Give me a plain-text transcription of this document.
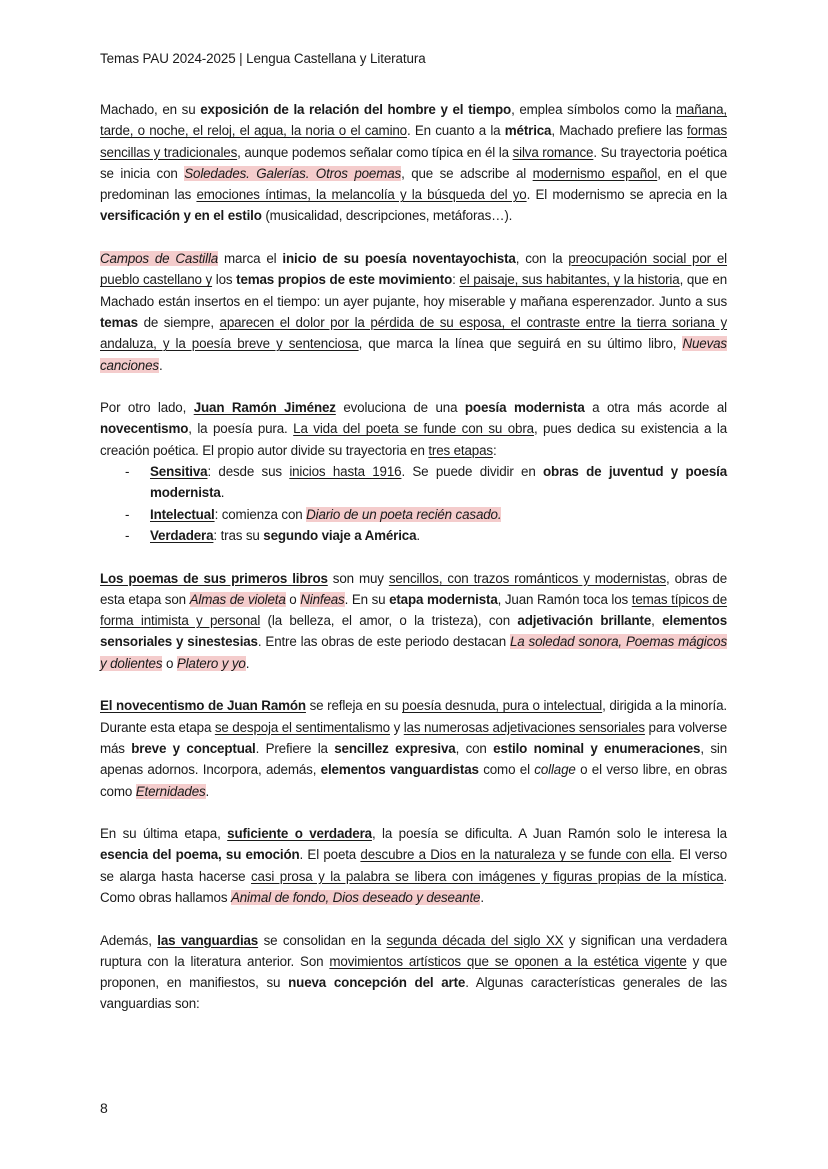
Temas PAU 2024-2025 | Lengua Castellana y Literatura

Machado, en su exposición de la relación del hombre y el tiempo, emplea símbolos como la mañana, tarde, o noche, el reloj, el agua, la noria o el camino. En cuanto a la métrica, Machado prefiere las formas sencillas y tradicionales, aunque podemos señalar como típica en él la silva romance. Su trayectoria poética se inicia con Soledades. Galerías. Otros poemas, que se adscribe al modernismo español, en el que predominan las emociones íntimas, la melancolía y la búsqueda del yo. El modernismo se aprecia en la versificación y en el estilo (musicalidad, descripciones, metáforas…).

Campos de Castilla marca el inicio de su poesía noventayochista, con la preocupación social por el pueblo castellano y los temas propios de este movimiento: el paisaje, sus habitantes, y la historia, que en Machado están insertos en el tiempo: un ayer pujante, hoy miserable y mañana esperenzador. Junto a sus temas de siempre, aparecen el dolor por la pérdida de su esposa, el contraste entre la tierra soriana y andaluza, y la poesía breve y sentenciosa, que marca la línea que seguirá en su último libro, Nuevas canciones.

Por otro lado, Juan Ramón Jiménez evoluciona de una poesía modernista a otra más acorde al novecentismo, la poesía pura. La vida del poeta se funde con su obra, pues dedica su existencia a la creación poética. El propio autor divide su trayectoria en tres etapas:

- Sensitiva: desde sus inicios hasta 1916. Se puede dividir en obras de juventud y poesía modernista.
- Intelectual: comienza con Diario de un poeta recién casado.
- Verdadera: tras su segundo viaje a América.

Los poemas de sus primeros libros son muy sencillos, con trazos románticos y modernistas, obras de esta etapa son Almas de violeta o Ninfeas. En su etapa modernista, Juan Ramón toca los temas típicos de forma intimista y personal (la belleza, el amor, o la tristeza), con adjetivación brillante, elementos sensoriales y sinestesias. Entre las obras de este periodo destacan La soledad sonora, Poemas mágicos y dolientes o Platero y yo.

El novecentismo de Juan Ramón se refleja en su poesía desnuda, pura o intelectual, dirigida a la minoría. Durante esta etapa se despoja el sentimentalismo y las numerosas adjetivaciones sensoriales para volverse más breve y conceptual. Prefiere la sencillez expresiva, con estilo nominal y enumeraciones, sin apenas adornos. Incorpora, además, elementos vanguardistas como el collage o el verso libre, en obras como Eternidades.

En su última etapa, suficiente o verdadera, la poesía se dificulta. A Juan Ramón solo le interesa la esencia del poema, su emoción. El poeta descubre a Dios en la naturaleza y se funde con ella. El verso se alarga hasta hacerse casi prosa y la palabra se libera con imágenes y figuras propias de la mística. Como obras hallamos Animal de fondo, Dios deseado y deseante.

Además, las vanguardias se consolidan en la segunda década del siglo XX y significan una verdadera ruptura con la literatura anterior. Son movimientos artísticos que se oponen a la estética vigente y que proponen, en manifiestos, su nueva concepción del arte. Algunas características generales de las vanguardias son:

8
